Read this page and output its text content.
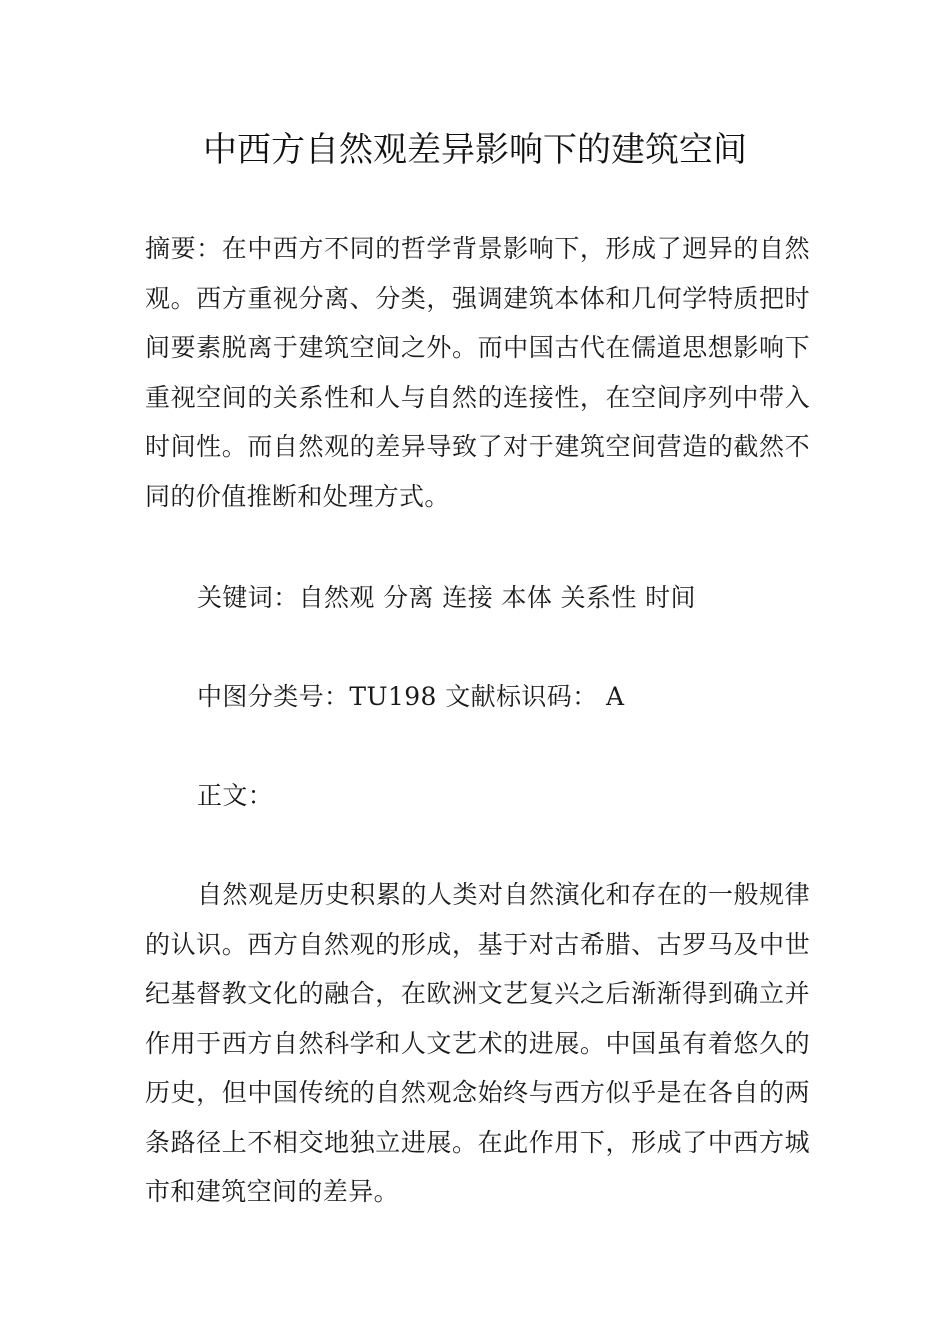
中西方自然观差异影响下的建筑空间

摘要：在中西方不同的哲学背景影响下，形成了迥异的自然观。西方重视分离、分类，强调建筑本体和几何学特质把时间要素脱离于建筑空间之外。而中国古代在儒道思想影响下重视空间的关系性和人与自然的连接性，在空间序列中带入时间性。而自然观的差异导致了对于建筑空间营造的截然不同的价值推断和处理方式。

关键词：自然观 分离 连接 本体 关系性 时间

中图分类号：TU198 文献标识码： A

正文：

自然观是历史积累的人类对自然演化和存在的一般规律的认识。西方自然观的形成，基于对古希腊、古罗马及中世纪基督教文化的融合，在欧洲文艺复兴之后渐渐得到确立并作用于西方自然科学和人文艺术的进展。中国虽有着悠久的历史，但中国传统的自然观念始终与西方似乎是在各自的两条路径上不相交地独立进展。在此作用下，形成了中西方城市和建筑空间的差异。
